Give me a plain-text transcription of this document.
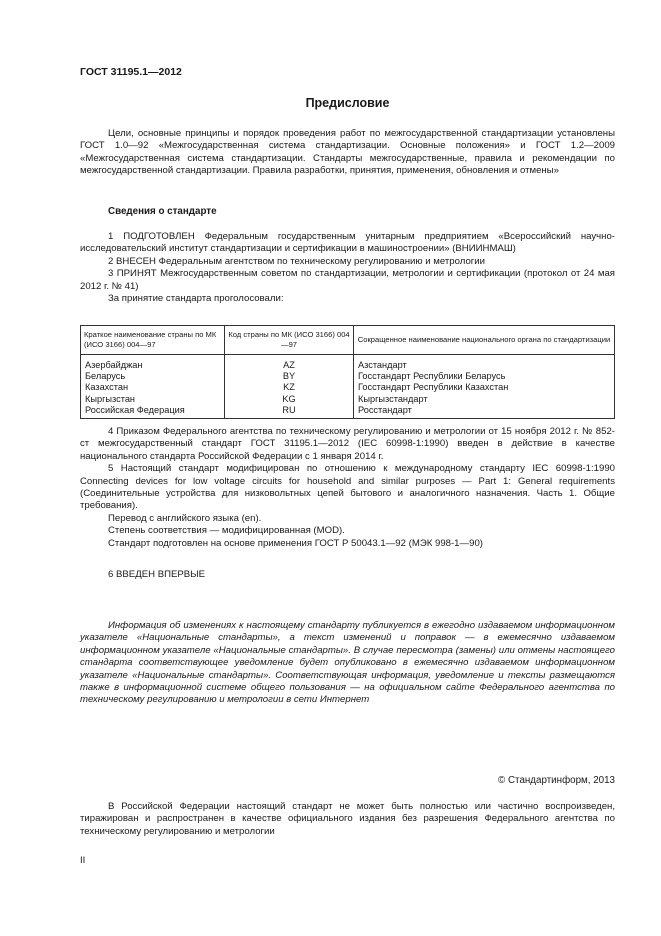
ГОСТ 31195.1—2012
Предисловие

Цели, основные принципы и порядок проведения работ по межгосударственной стандартизации установлены ГОСТ 1.0—92 «Межгосударственная система стандартизации. Основные положения» и ГОСТ 1.2—2009 «Межгосударственная система стандартизации. Стандарты межгосударственные, правила и рекомендации по межгосударственной стандартизации. Правила разработки, принятия, применения, обновления и отмены»

Сведения о стандарте

1 ПОДГОТОВЛЕН Федеральным государственным унитарным предприятием «Всероссийский научно-исследовательский институт стандартизации и сертификации в машиностроении» (ВНИИНМАШ)

2 ВНЕСЕН Федеральным агентством по техническому регулированию и метрологии

3 ПРИНЯТ Межгосударственным советом по стандартизации, метрологии и сертификации (протокол от 24 мая 2012 г. № 41)

За принятие стандарта проголосовали:

Краткое наименование страны по МК (ИСО 3166) 004—97	Код страны по МК (ИСО 3166) 004—97	Сокращенное наименование национального органа по стандартизации
Азербайджан	AZ	Азстандарт
Беларусь	BY	Госстандарт Республики Беларусь
Казахстан	KZ	Госстандарт Республики Казахстан
Кыргызстан	KG	Кыргызстандарт
Российская Федерация	RU	Росстандарт

4 Приказом Федерального агентства по техническому регулированию и метрологии от 15 ноября 2012 г. № 852-ст межгосударственный стандарт ГОСТ 31195.1—2012 (IEC 60998-1:1990) введен в действие в качестве национального стандарта Российской Федерации с 1 января 2014 г.

5 Настоящий стандарт модифицирован по отношению к международному стандарту IEC 60998-1:1990 Connecting devices for low voltage circuits for household and similar purposes — Part 1: General requirements (Соединительные устройства для низковольтных цепей бытового и аналогичного назначения. Часть 1. Общие требования).

Перевод с английского языка (en).

Степень соответствия — модифицированная (MOD).

Стандарт подготовлен на основе применения ГОСТ Р 50043.1—92 (МЭК 998-1—90)

6 ВВЕДЕН ВПЕРВЫЕ

Информация об изменениях к настоящему стандарту публикуется в ежегодно издаваемом информационном указателе «Национальные стандарты», а текст изменений и поправок — в ежемесячно издаваемом информационном указателе «Национальные стандарты». В случае пересмотра (замены) или отмены настоящего стандарта соответствующее уведомление будет опубликовано в ежемесячно издаваемом информационном указателе «Национальные стандарты». Соответствующая информация, уведомление и тексты размещаются также в информационной системе общего пользования — на официальном сайте Федерального агентства по техническому регулированию и метрологии в сети Интернет

© Стандартинформ, 2013

В Российской Федерации настоящий стандарт не может быть полностью или частично воспроизведен, тиражирован и распространен в качестве официального издания без разрешения Федерального агентства по техническому регулированию и метрологии

II
